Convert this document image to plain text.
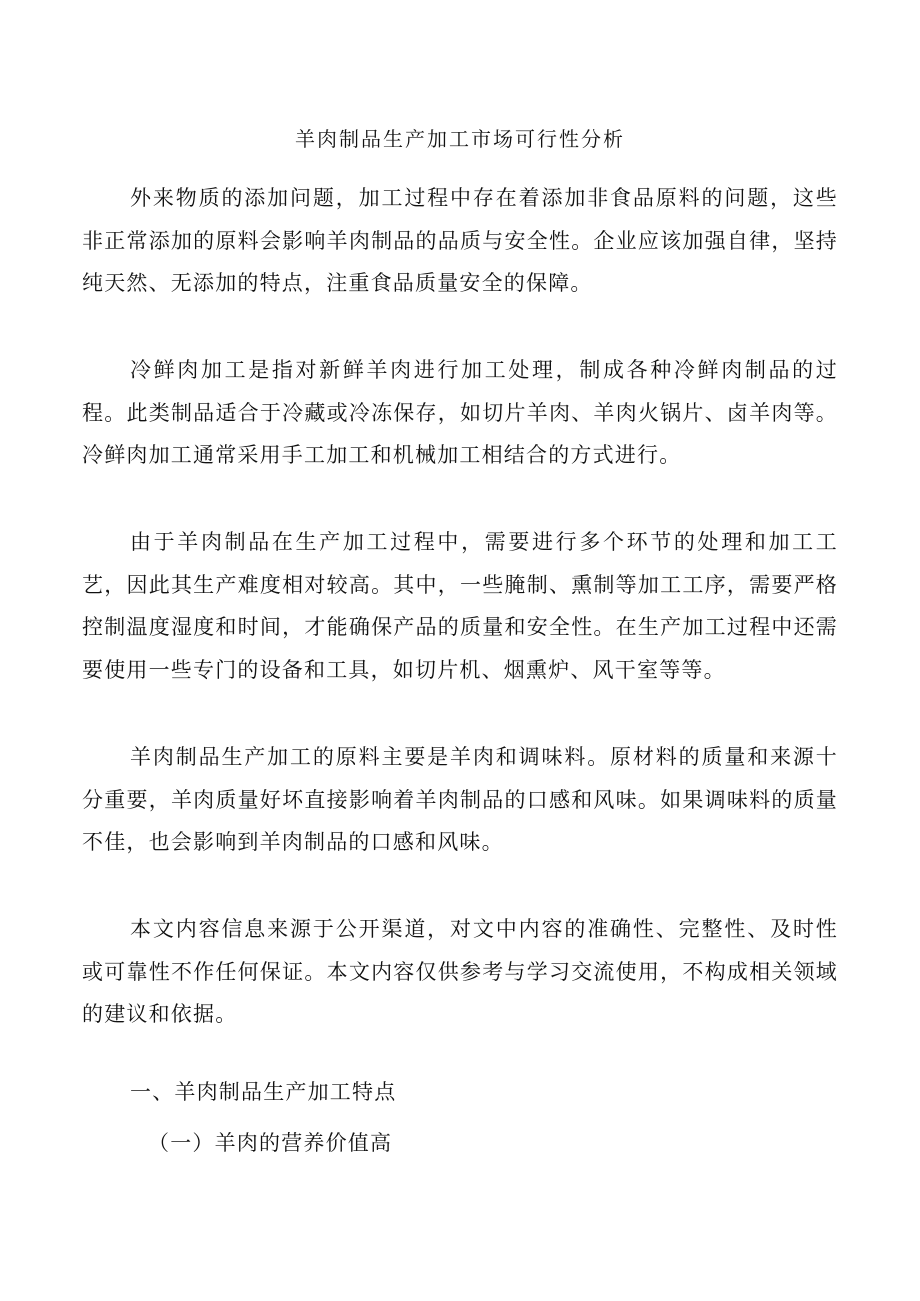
羊肉制品生产加工市场可行性分析

外来物质的添加问题，加工过程中存在着添加非食品原料的问题，这些非正常添加的原料会影响羊肉制品的品质与安全性。企业应该加强自律，坚持纯天然、无添加的特点，注重食品质量安全的保障。

冷鲜肉加工是指对新鲜羊肉进行加工处理，制成各种冷鲜肉制品的过程。此类制品适合于冷藏或冷冻保存，如切片羊肉、羊肉火锅片、卤羊肉等。冷鲜肉加工通常采用手工加工和机械加工相结合的方式进行。

由于羊肉制品在生产加工过程中，需要进行多个环节的处理和加工工艺，因此其生产难度相对较高。其中，一些腌制、熏制等加工工序，需要严格控制温度湿度和时间，才能确保产品的质量和安全性。在生产加工过程中还需要使用一些专门的设备和工具，如切片机、烟熏炉、风干室等等。

羊肉制品生产加工的原料主要是羊肉和调味料。原材料的质量和来源十分重要，羊肉质量好坏直接影响着羊肉制品的口感和风味。如果调味料的质量不佳，也会影响到羊肉制品的口感和风味。

本文内容信息来源于公开渠道，对文中内容的准确性、完整性、及时性或可靠性不作任何保证。本文内容仅供参考与学习交流使用，不构成相关领域的建议和依据。

一、羊肉制品生产加工特点
（一）羊肉的营养价值高
